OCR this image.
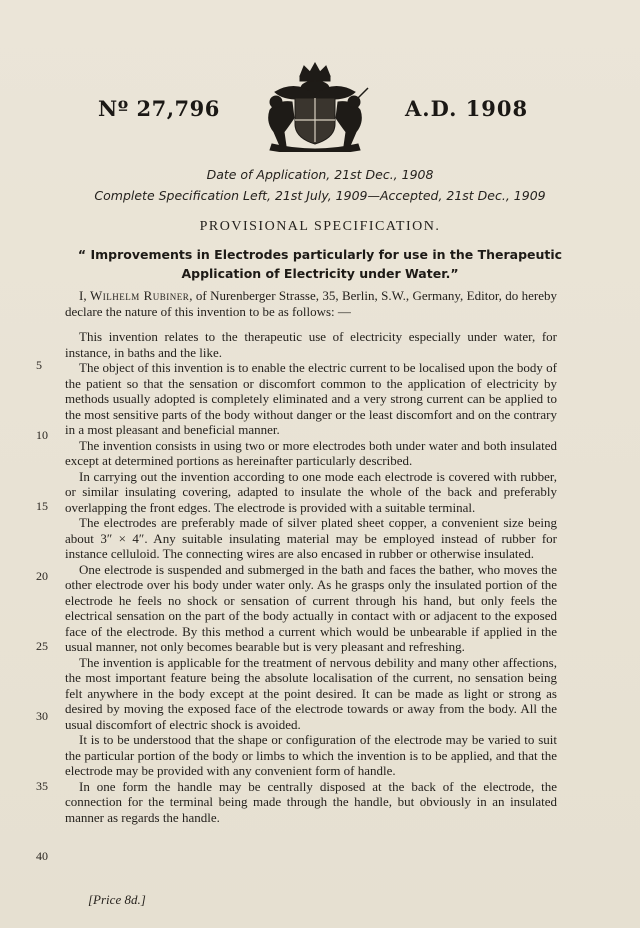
Nº 27,796	A.D. 1908
Date of Application, 21st Dec., 1908
Complete Specification Left, 21st July, 1909—Accepted, 21st Dec., 1909
PROVISIONAL SPECIFICATION.
“ Improvements in Electrodes particularly for use in the Therapeutic
Application of Electricity under Water.”

I, Wilhelm Rubiner, of Nurenberger Strasse, 35, Berlin, S.W., Germany, Editor, do hereby declare the nature of this invention to be as follows: —

This invention relates to the therapeutic use of electricity especially under water, for instance, in baths and the like.

The object of this invention is to enable the electric current to be localised upon the body of the patient so that the sensation or discomfort common to the application of electricity by methods usually adopted is completely eliminated and a very strong current can be applied to the most sensitive parts of the body without danger or the least discomfort and on the contrary in a most pleasant and beneficial manner.

The invention consists in using two or more electrodes both under water and both insulated except at determined portions as hereinafter particularly described.

In carrying out the invention according to one mode each electrode is covered with rubber, or similar insulating covering, adapted to insulate the whole of the back and preferably overlapping the front edges. The electrode is provided with a suitable terminal.

The electrodes are preferably made of silver plated sheet copper, a convenient size being about 3″ × 4″. Any suitable insulating material may be employed instead of rubber for instance celluloid. The connecting wires are also encased in rubber or otherwise insulated.

One electrode is suspended and submerged in the bath and faces the bather, who moves the other electrode over his body under water only. As he grasps only the insulated portion of the electrode he feels no shock or sensation of current through his hand, but only feels the electrical sensation on the part of the body actually in contact with or adjacent to the exposed face of the electrode. By this method a current which would be unbearable if applied in the usual manner, not only becomes bearable but is very pleasant and refreshing.

The invention is applicable for the treatment of nervous debility and many other affections, the most important feature being the absolute localisation of the current, no sensation being felt anywhere in the body except at the point desired. It can be made as light or strong as desired by moving the exposed face of the electrode towards or away from the body. All the usual discomfort of electric shock is avoided.

It is to be understood that the shape or configuration of the electrode may be varied to suit the particular portion of the body or limbs to which the invention is to be applied, and that the electrode may be provided with any convenient form of handle.

In one form the handle may be centrally disposed at the back of the electrode, the connection for the terminal being made through the handle, but obviously in an insulated manner as regards the handle.

5
10
15
20
25
30
35
40
[Price 8d.]
